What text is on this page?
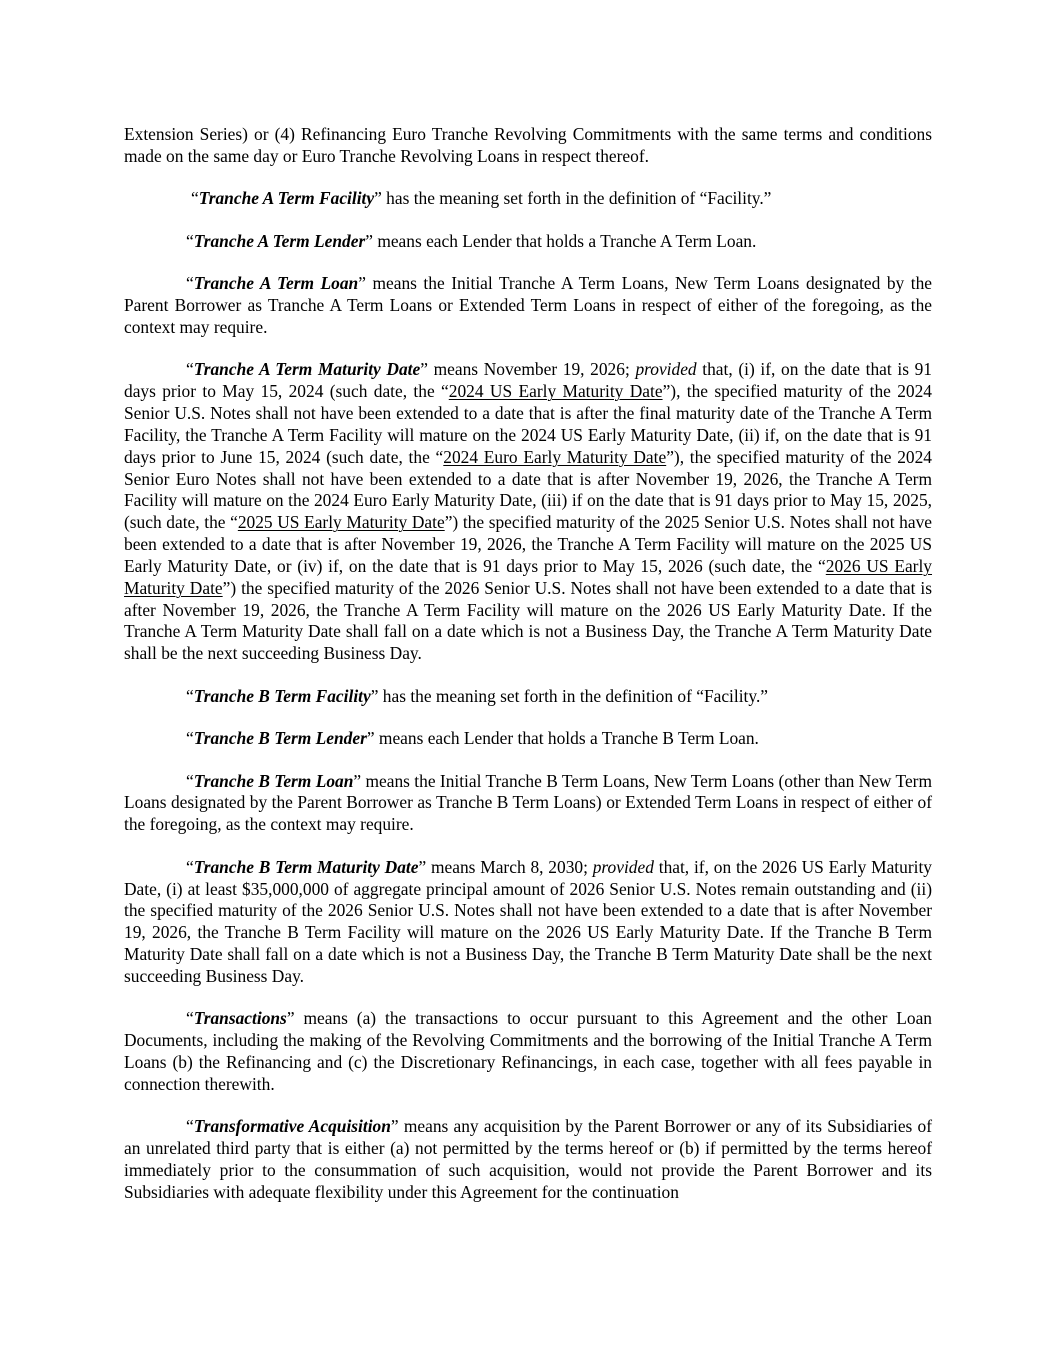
Extension Series) or (4) Refinancing Euro Tranche Revolving Commitments with the same terms and conditions made on the same day or Euro Tranche Revolving Loans in respect thereof.

“Tranche A Term Facility” has the meaning set forth in the definition of “Facility.”

“Tranche A Term Lender” means each Lender that holds a Tranche A Term Loan.

“Tranche A Term Loan” means the Initial Tranche A Term Loans, New Term Loans designated by the Parent Borrower as Tranche A Term Loans or Extended Term Loans in respect of either of the foregoing, as the context may require.

“Tranche A Term Maturity Date” means November 19, 2026; provided that, (i) if, on the date that is 91 days prior to May 15, 2024 (such date, the “2024 US Early Maturity Date”), the specified maturity of the 2024 Senior U.S. Notes shall not have been extended to a date that is after the final maturity date of the Tranche A Term Facility, the Tranche A Term Facility will mature on the 2024 US Early Maturity Date, (ii) if, on the date that is 91 days prior to June 15, 2024 (such date, the “2024 Euro Early Maturity Date”), the specified maturity of the 2024 Senior Euro Notes shall not have been extended to a date that is after November 19, 2026, the Tranche A Term Facility will mature on the 2024 Euro Early Maturity Date, (iii) if on the date that is 91 days prior to May 15, 2025, (such date, the “2025 US Early Maturity Date”) the specified maturity of the 2025 Senior U.S. Notes shall not have been extended to a date that is after November 19, 2026, the Tranche A Term Facility will mature on the 2025 US Early Maturity Date, or (iv) if, on the date that is 91 days prior to May 15, 2026 (such date, the “2026 US Early Maturity Date”) the specified maturity of the 2026 Senior U.S. Notes shall not have been extended to a date that is after November 19, 2026, the Tranche A Term Facility will mature on the 2026 US Early Maturity Date. If the Tranche A Term Maturity Date shall fall on a date which is not a Business Day, the Tranche A Term Maturity Date shall be the next succeeding Business Day.

“Tranche B Term Facility” has the meaning set forth in the definition of “Facility.”

“Tranche B Term Lender” means each Lender that holds a Tranche B Term Loan.

“Tranche B Term Loan” means the Initial Tranche B Term Loans, New Term Loans (other than New Term Loans designated by the Parent Borrower as Tranche B Term Loans) or Extended Term Loans in respect of either of the foregoing, as the context may require.

“Tranche B Term Maturity Date” means March 8, 2030; provided that, if, on the 2026 US Early Maturity Date, (i) at least $35,000,000 of aggregate principal amount of 2026 Senior U.S. Notes remain outstanding and (ii) the specified maturity of the 2026 Senior U.S. Notes shall not have been extended to a date that is after November 19, 2026, the Tranche B Term Facility will mature on the 2026 US Early Maturity Date. If the Tranche B Term Maturity Date shall fall on a date which is not a Business Day, the Tranche B Term Maturity Date shall be the next succeeding Business Day.

“Transactions” means (a) the transactions to occur pursuant to this Agreement and the other Loan Documents, including the making of the Revolving Commitments and the borrowing of the Initial Tranche A Term Loans (b) the Refinancing and (c) the Discretionary Refinancings, in each case, together with all fees payable in connection therewith.

“Transformative Acquisition” means any acquisition by the Parent Borrower or any of its Subsidiaries of an unrelated third party that is either (a) not permitted by the terms hereof or (b) if permitted by the terms hereof immediately prior to the consummation of such acquisition, would not provide the Parent Borrower and its Subsidiaries with adequate flexibility under this Agreement for the continuation
